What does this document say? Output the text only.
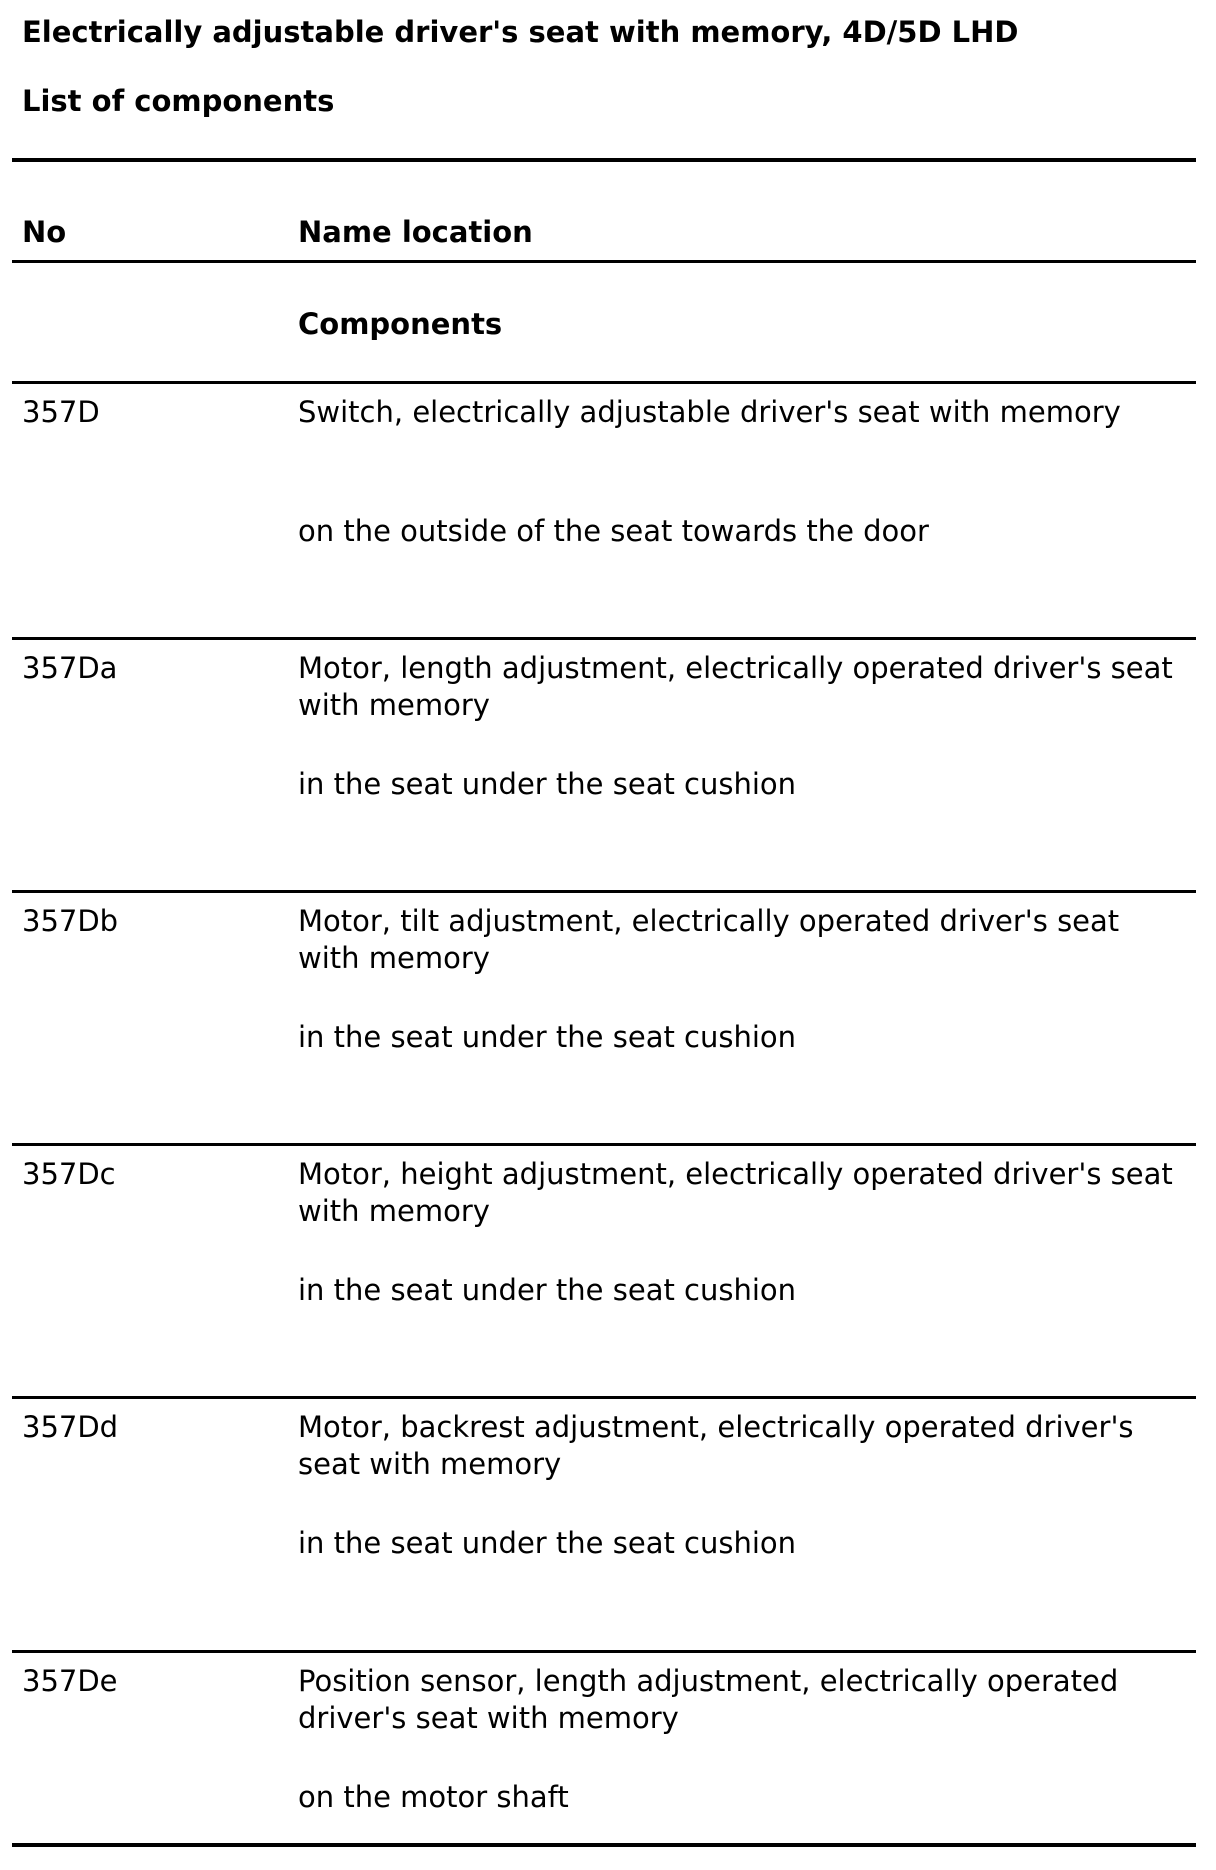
Electrically adjustable driver's seat with memory, 4D/5D LHD
List of components
No	Name location
Components
357D	Switch, electrically adjustable driver's seat with memory
on the outside of the seat towards the door
357Da	Motor, length adjustment, electrically operated driver's seat with memory
in the seat under the seat cushion
357Db	Motor, tilt adjustment, electrically operated driver's seat with memory
in the seat under the seat cushion
357Dc	Motor, height adjustment, electrically operated driver's seat with memory
in the seat under the seat cushion
357Dd	Motor, backrest adjustment, electrically operated driver's seat with memory
in the seat under the seat cushion
357De	Position sensor, length adjustment, electrically operated driver's seat with memory
on the motor shaft
